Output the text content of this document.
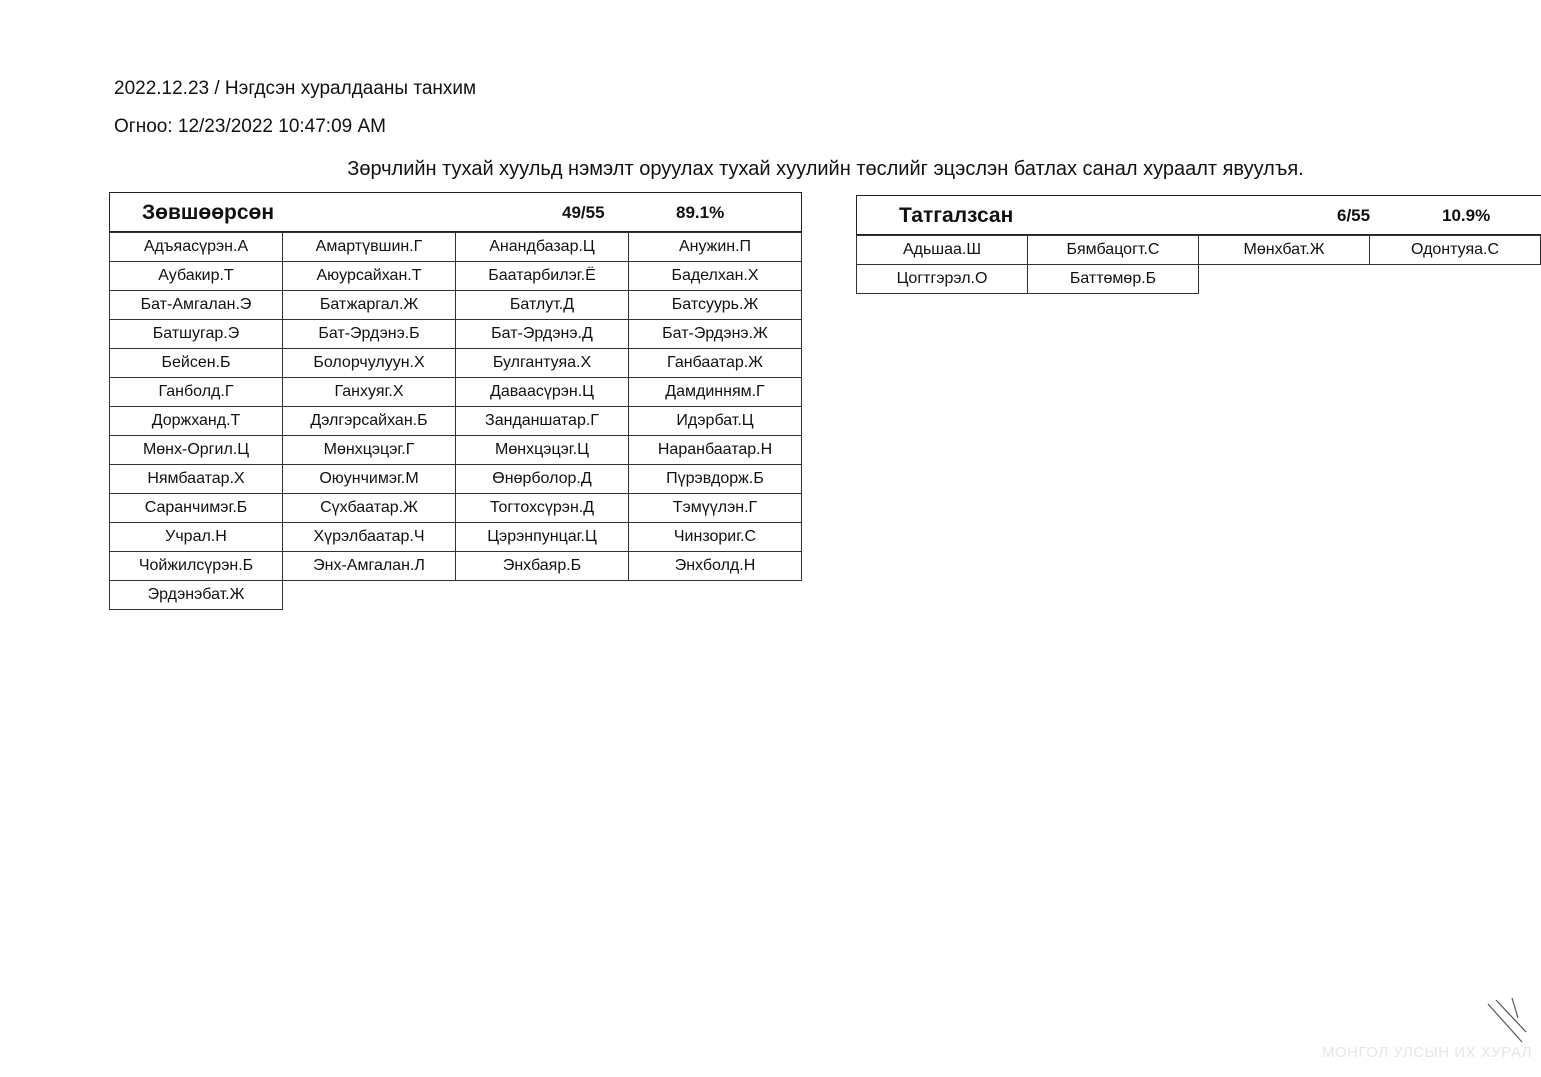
2022.12.23 / Нэгдсэн хуралдааны танхим
Огноо: 12/23/2022 10:47:09 AM
Зөрчлийн тухай хуульд нэмэлт оруулах тухай хуулийн төслийг эцэслэн батлах санал хураалт явуулъя.
Зөвшөөрсөн	49/55	89.1%
Адъяасүрэн.А	Амартүвшин.Г	Анандбазар.Ц	Анужин.П
Аубакир.Т	Аюурсайхан.Т	Баатарбилэг.Ё	Баделхан.Х
Бат-Амгалан.Э	Батжаргал.Ж	Батлут.Д	Батсуурь.Ж
Батшугар.Э	Бат-Эрдэнэ.Б	Бат-Эрдэнэ.Д	Бат-Эрдэнэ.Ж
Бейсен.Б	Болорчулуун.Х	Булгантуяа.Х	Ганбаатар.Ж
Ганболд.Г	Ганхуяг.Х	Даваасүрэн.Ц	Дамдинням.Г
Доржханд.Т	Дэлгэрсайхан.Б	Занданшатар.Г	Идэрбат.Ц
Мөнх-Оргил.Ц	Мөнхцэцэг.Г	Мөнхцэцэг.Ц	Наранбаатар.Н
Нямбаатар.Х	Оюунчимэг.М	Өнөрболор.Д	Пүрэвдорж.Б
Саранчимэг.Б	Сүхбаатар.Ж	Тогтохсүрэн.Д	Тэмүүлэн.Г
Учрал.Н	Хүрэлбаатар.Ч	Цэрэнпунцаг.Ц	Чинзориг.С
Чойжилсүрэн.Б	Энх-Амгалан.Л	Энхбаяр.Б	Энхболд.Н
Эрдэнэбат.Ж			
Татгалзсан	6/55	10.9%
Адьшаа.Ш	Бямбацогт.С	Мөнхбат.Ж	Одонтуяа.С
Цогтгэрэл.О	Баттөмөр.Б		
МОНГОЛ УЛСЫН ИХ ХУРАЛ
